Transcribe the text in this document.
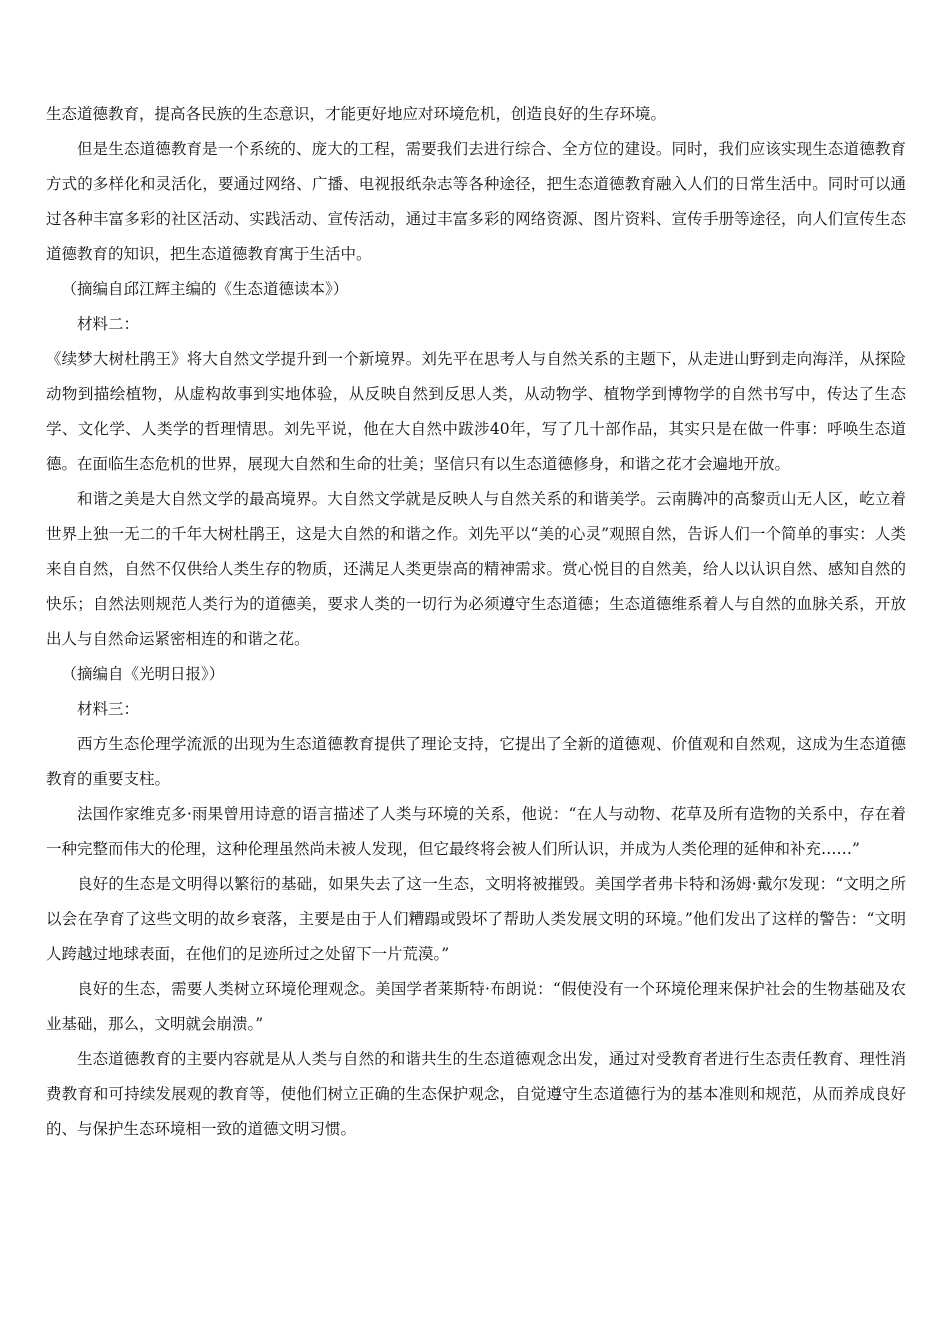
生态道德教育，提高各民族的生态意识，才能更好地应对环境危机，创造良好的生存环境。

但是生态道德教育是一个系统的、庞大的工程，需要我们去进行综合、全方位的建设。同时，我们应该实现生态道德教育方式的多样化和灵活化，要通过网络、广播、电视报纸杂志等各种途径，把生态道德教育融入人们的日常生活中。同时可以通过各种丰富多彩的社区活动、实践活动、宣传活动，通过丰富多彩的网络资源、图片资料、宣传手册等途径，向人们宣传生态道德教育的知识，把生态道德教育寓于生活中。

（摘编自邱江辉主编的《生态道德读本》）

材料二：

《续梦大树杜鹃王》将大自然文学提升到一个新境界。刘先平在思考人与自然关系的主题下，从走进山野到走向海洋，从探险动物到描绘植物，从虚构故事到实地体验，从反映自然到反思人类，从动物学、植物学到博物学的自然书写中，传达了生态学、文化学、人类学的哲理情思。刘先平说，他在大自然中跋涉40年，写了几十部作品，其实只是在做一件事：呼唤生态道德。在面临生态危机的世界，展现大自然和生命的壮美；坚信只有以生态道德修身，和谐之花才会遍地开放。

和谐之美是大自然文学的最高境界。大自然文学就是反映人与自然关系的和谐美学。云南腾冲的高黎贡山无人区，屹立着世界上独一无二的千年大树杜鹃王，这是大自然的和谐之作。刘先平以“美的心灵”观照自然，告诉人们一个简单的事实：人类来自自然，自然不仅供给人类生存的物质，还满足人类更崇高的精神需求。赏心悦目的自然美，给人以认识自然、感知自然的快乐；自然法则规范人类行为的道德美，要求人类的一切行为必须遵守生态道德；生态道德维系着人与自然的血脉关系，开放出人与自然命运紧密相连的和谐之花。

（摘编自《光明日报》）

材料三：

西方生态伦理学流派的出现为生态道德教育提供了理论支持，它提出了全新的道德观、价值观和自然观，这成为生态道德教育的重要支柱。

法国作家维克多·雨果曾用诗意的语言描述了人类与环境的关系，他说：“在人与动物、花草及所有造物的关系中，存在着一种完整而伟大的伦理，这种伦理虽然尚未被人发现，但它最终将会被人们所认识，并成为人类伦理的延伸和补充……”

良好的生态是文明得以繁衍的基础，如果失去了这一生态，文明将被摧毁。美国学者弗卡特和汤姆·戴尔发现：“文明之所以会在孕育了这些文明的故乡衰落，主要是由于人们糟蹋或毁坏了帮助人类发展文明的环境。”他们发出了这样的警告：“文明人跨越过地球表面，在他们的足迹所过之处留下一片荒漠。”

良好的生态，需要人类树立环境伦理观念。美国学者莱斯特·布朗说：“假使没有一个环境伦理来保护社会的生物基础及农业基础，那么，文明就会崩溃。”

生态道德教育的主要内容就是从人类与自然的和谐共生的生态道德观念出发，通过对受教育者进行生态责任教育、理性消费教育和可持续发展观的教育等，使他们树立正确的生态保护观念，自觉遵守生态道德行为的基本准则和规范，从而养成良好的、与保护生态环境相一致的道德文明习惯。
